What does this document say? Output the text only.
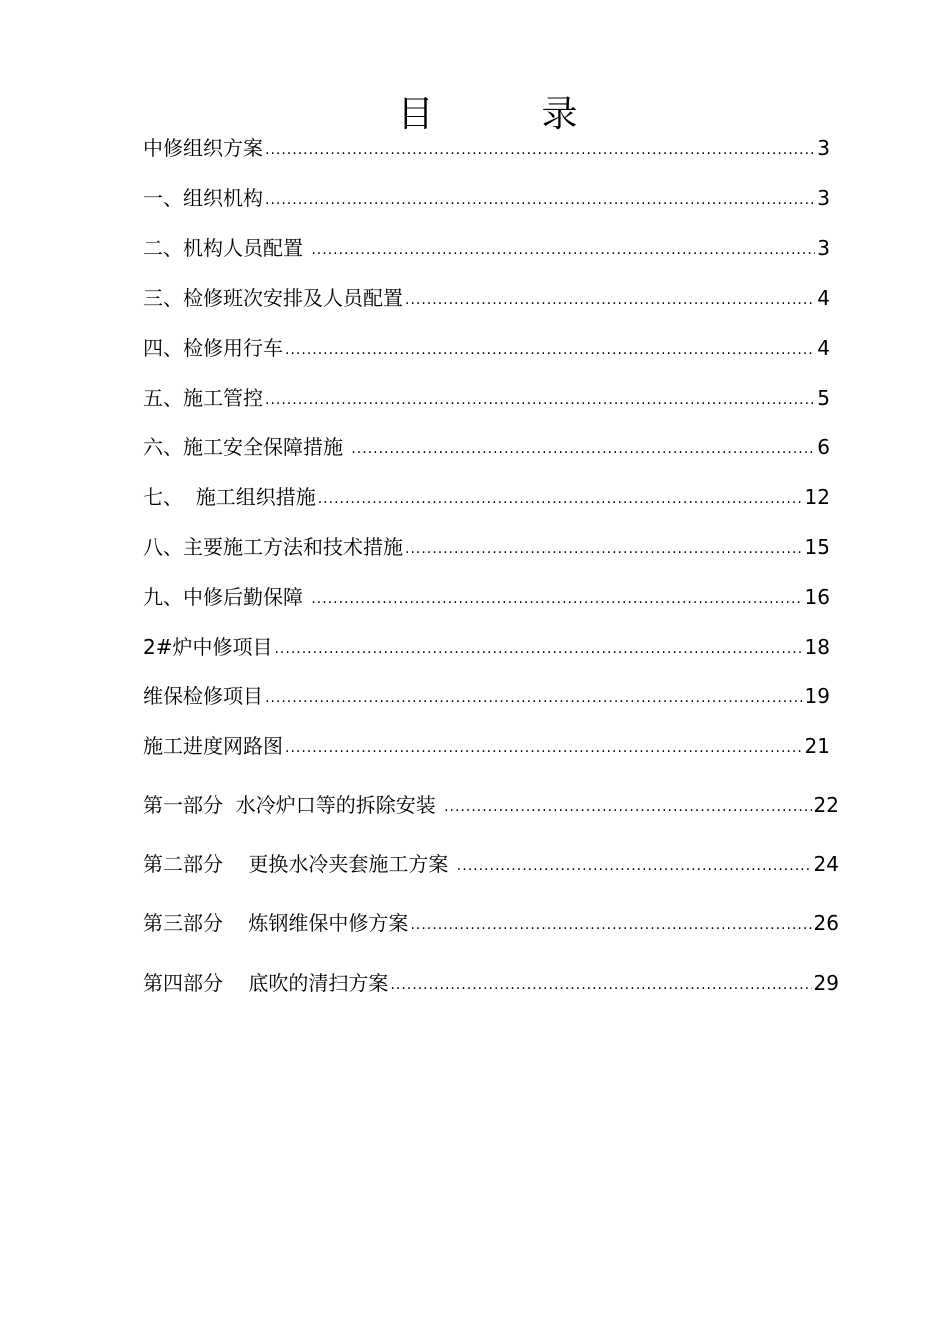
目　　　录
中修组织方案 .....	3
一、组织机构 .....	3
二、机构人员配置 .....	3
三、检修班次安排及人员配置 .....	4
四、检修用行车 .....	4
五、施工管控 .....	5
六、施工安全保障措施 .....	6
七、  施工组织措施 .....	12
八、主要施工方法和技术措施 .....	15
九、中修后勤保障 .....	16
2#炉中修项目 .....	18
维保检修项目 .....	19
施工进度网路图 .....	21
第一部分  水冷炉口等的拆除安装 .....	22
第二部分    更换水冷夹套施工方案 .....	24
第三部分    炼钢维保中修方案 .....	26
第四部分    底吹的清扫方案 .....	29
